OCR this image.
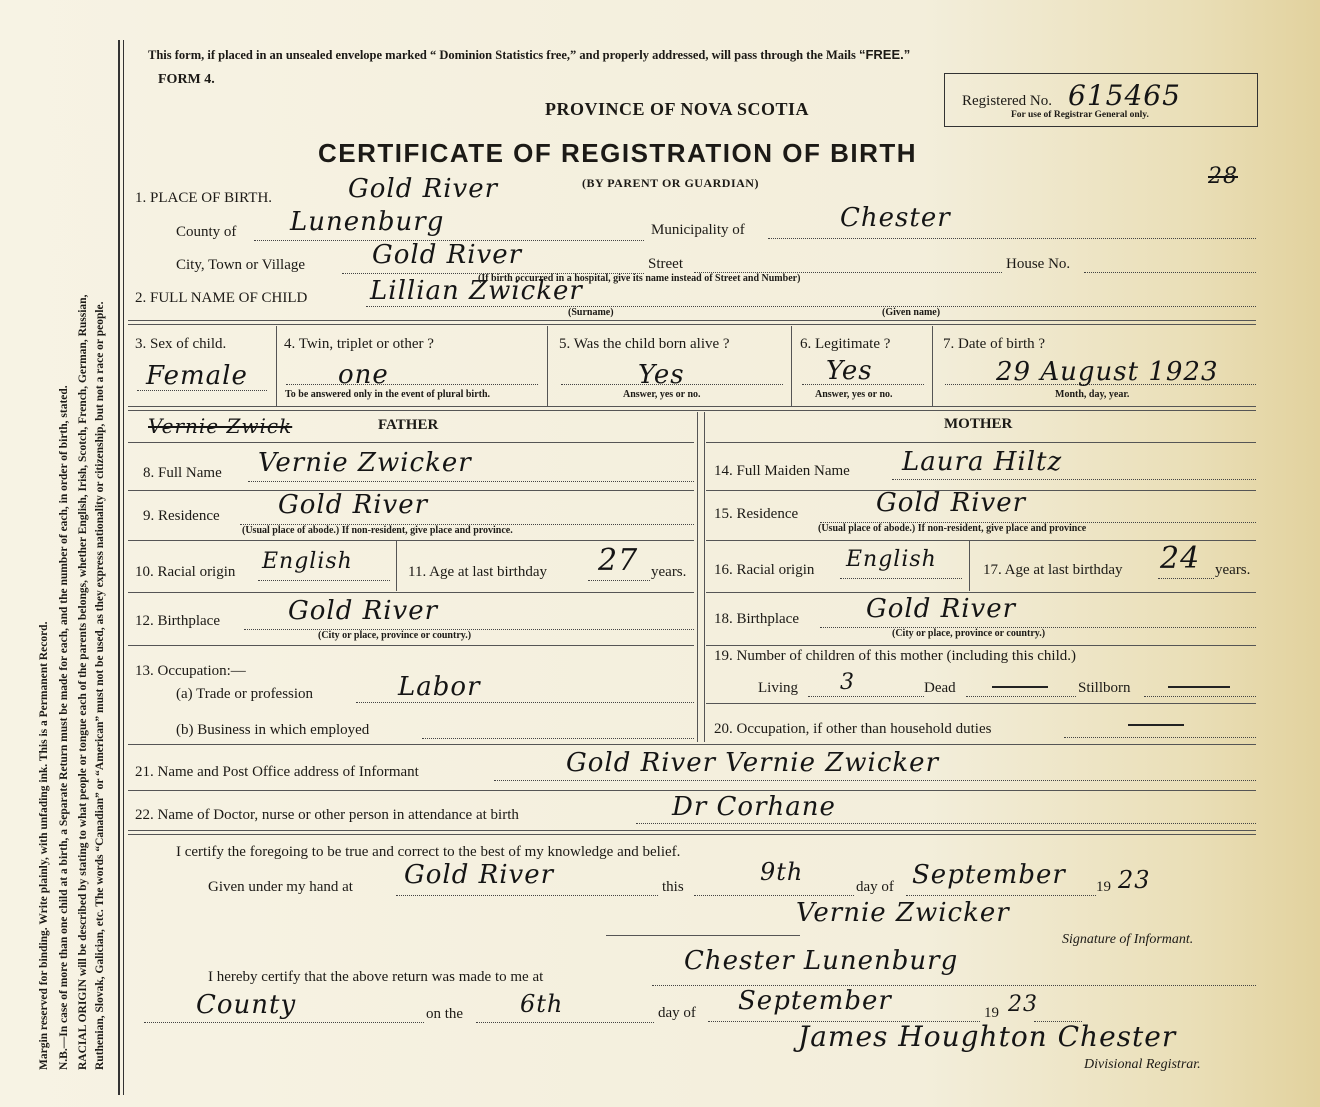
Margin reserved for binding. Write plainly, with unfading ink. This is a Permanent Record. N.B.—In case of more than one child at a birth, a Separate Return must be made for each, and the number of each, in order of birth, stated. RACIAL ORIGIN will be described by stating to what people or tongue each of the parents belongs, whether English, Irish, Scotch, French, German, Russian, Ruthenian, Slovak, Galician, etc. The words “Canadian” or “American” must not be used, as they express nationality or citizenship, but not a race or people.
This form, if placed in an unsealed envelope marked “ Dominion Statistics free,” and properly addressed, will pass through the Mails “FREE.”
FORM 4.
PROVINCE OF NOVA SCOTIA
CERTIFICATE OF REGISTRATION OF BIRTH
(BY PARENT OR GUARDIAN)
Registered No. 615465
For use of Registrar General only.
28
1. PLACE OF BIRTH.	Gold River
County of Lunenburg	Municipality of	Chester
City, Town or Village	Gold River	Street	House No.
(If birth occurred in a hospital, give its name instead of Street and Number)
2. FULL NAME OF CHILD Lillian Zwicker
(Surname)	(Given name)
3. Sex of child.
Female
4. Twin, triplet or other ?
one
To be answered only in the event of plural birth.
5. Was the child born alive ?
Yes
Answer, yes or no.
6. Legitimate ?
Yes
Answer, yes or no.
7. Date of birth ?
29 August 1923
Month, day, year.
Vernie Zwick	FATHER
8. Full Name Vernie Zwicker
9. Residence Gold River
(Usual place of abode.) If non-resident, give place and province.
10. Racial origin English	11. Age at last birthday 27 years.
12. Birthplace	Gold River
(City or place, province or country.)
13. Occupation:—
(a) Trade or profession	Labor
(b) Business in which employed
MOTHER
14. Full Maiden Name Laura Hiltz
15. Residence	Gold River
(Usual place of abode.) If non-resident, give place and province
16. Racial origin English	17. Age at last birthday 24 years.
18. Birthplace	Gold River
(City or place, province or country.)
19. Number of children of this mother (including this child.)
Living 3	Dead	Stillborn
20. Occupation, if other than household duties
21. Name and Post Office address of Informant	Gold River Vernie Zwicker
22. Name of Doctor, nurse or other person in attendance at birth	Dr Corhane
I certify the foregoing to be true and correct to the best of my knowledge and belief.
Given under my hand at Gold River	this
9th
day of September 19 23
Vernie Zwicker
Signature of Informant.
I hereby certify that the above return was made to me at
Chester Lunenburg
County	on the 6th	day of September	19 23
James Houghton Chester
Divisional Registrar.
